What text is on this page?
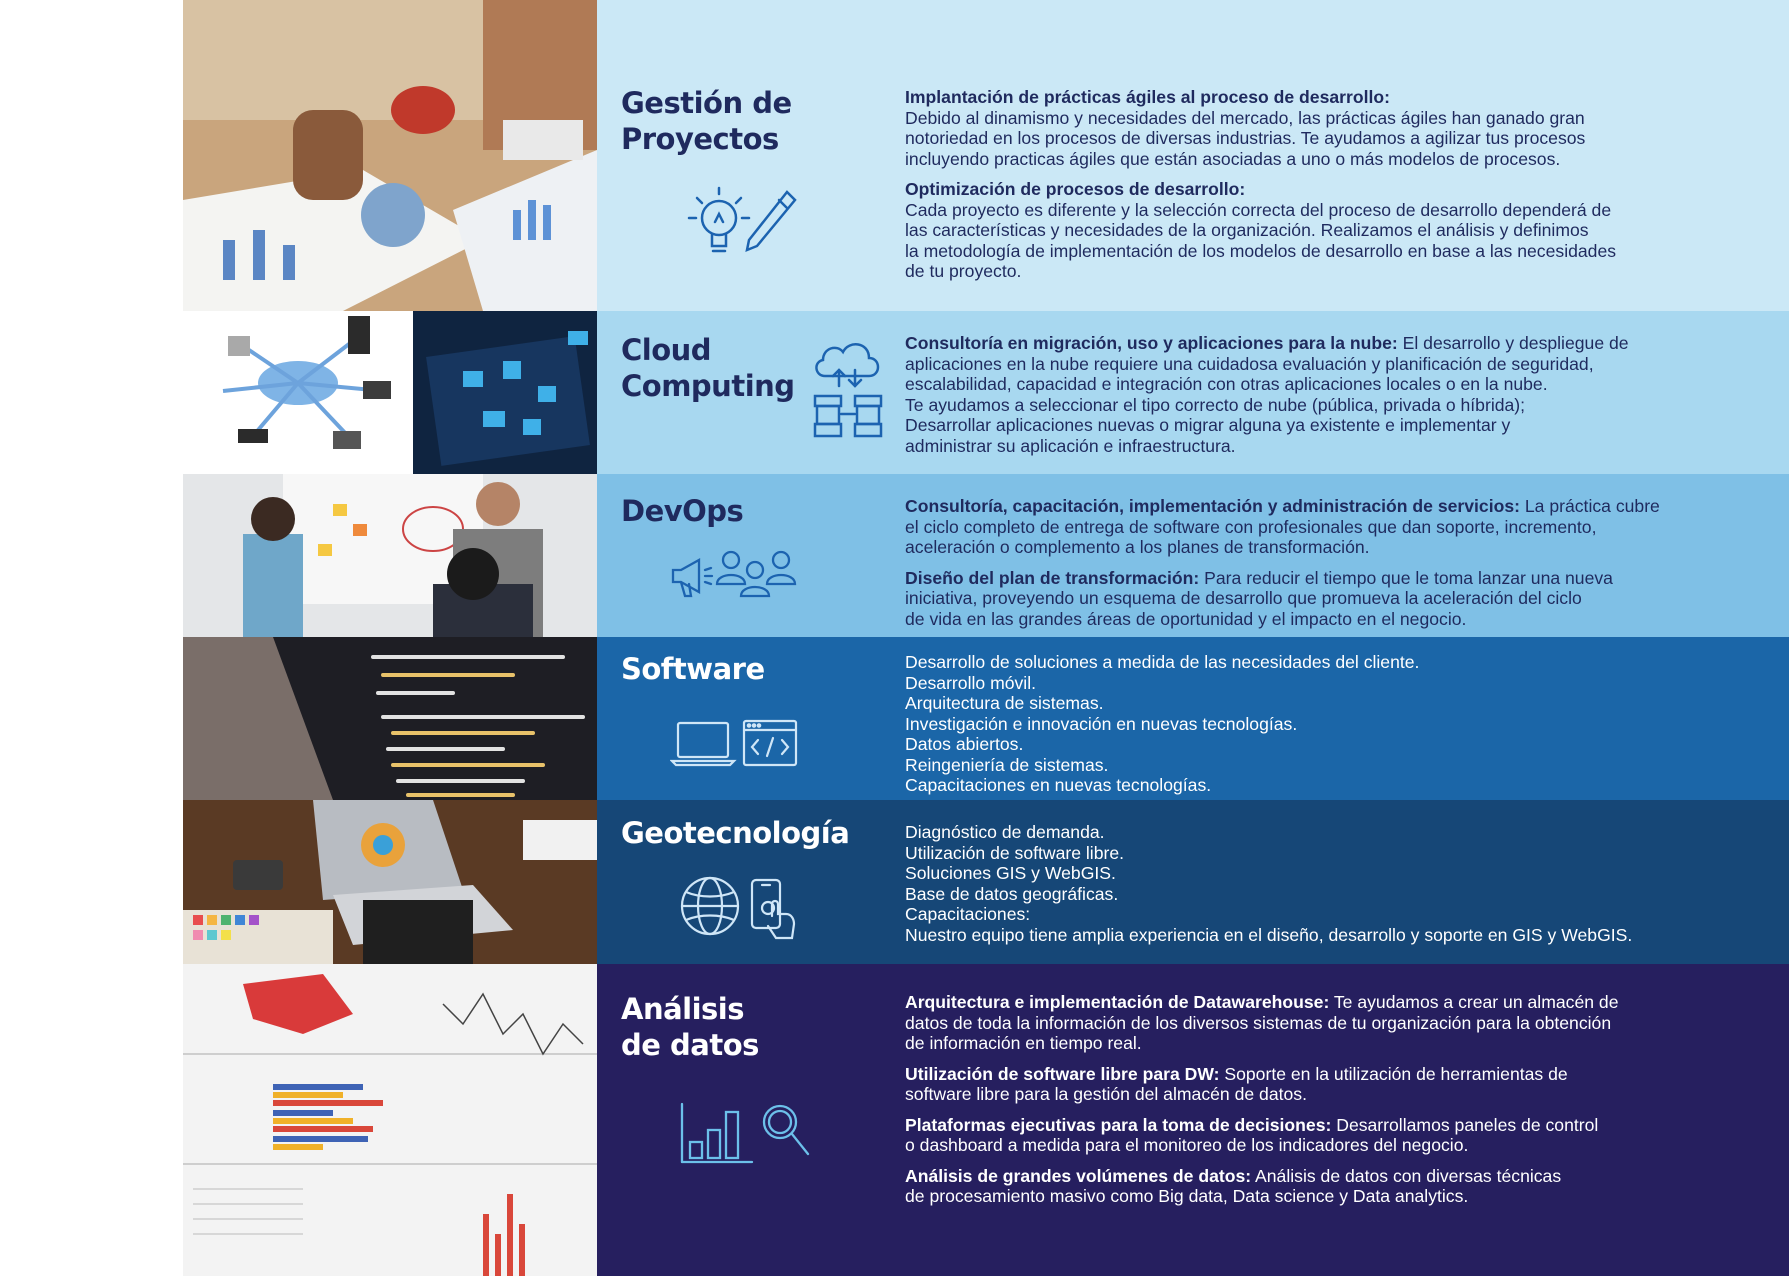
Gestión de
Proyectos

Implantación de prácticas ágiles al proceso de desarrollo:
Debido al dinamismo y necesidades del mercado, las prácticas ágiles han ganado gran
notoriedad en los procesos de diversas industrias. Te ayudamos a agilizar tus procesos
incluyendo practicas ágiles que están asociadas a uno o más modelos de procesos.

Optimización de procesos de desarrollo:
Cada proyecto es diferente y la selección correcta del proceso de desarrollo dependerá de
las características y necesidades de la organización. Realizamos el análisis y definimos
la metodología de implementación de los modelos de desarrollo en base a las necesidades
de tu proyecto.

Cloud
Computing

Consultoría en migración, uso y aplicaciones para la nube: El desarrollo y despliegue de
aplicaciones en la nube requiere una cuidadosa evaluación y planificación de seguridad,
escalabilidad, capacidad e integración con otras aplicaciones locales o en la nube.
Te ayudamos a seleccionar el tipo correcto de nube (pública, privada o híbrida);
Desarrollar aplicaciones nuevas o migrar alguna ya existente e implementar y
administrar su aplicación e infraestructura.

DevOps	Consultoría, capacitación, implementación y administración de servicios: La práctica cubre
el ciclo completo de entrega de software con profesionales que dan soporte, incremento,
aceleración o complemento a los planes de transformación.

Diseño del plan de transformación: Para reducir el tiempo que le toma lanzar una nueva
iniciativa, proveyendo un esquema de desarrollo que promueva la aceleración del ciclo
de vida en las grandes áreas de oportunidad y el impacto en el negocio.

Software	Desarrollo de soluciones a medida de las necesidades del cliente.
Desarrollo móvil.
Arquitectura de sistemas.
Investigación e innovación en nuevas tecnologías.
Datos abiertos.
Reingeniería de sistemas.
Capacitaciones en nuevas tecnologías.
Geotecnología	Diagnóstico de demanda.
Utilización de software libre.
Soluciones GIS y WebGIS.
Base de datos geográficas.
Capacitaciones:
Nuestro equipo tiene amplia experiencia en el diseño, desarrollo y soporte en GIS y WebGIS.
Análisis
de datos

Arquitectura e implementación de Datawarehouse: Te ayudamos a crear un almacén de
datos de toda la información de los diversos sistemas de tu organización para la obtención
de información en tiempo real.

Utilización de software libre para DW: Soporte en la utilización de herramientas de
software libre para la gestión del almacén de datos.

Plataformas ejecutivas para la toma de decisiones: Desarrollamos paneles de control
o dashboard a medida para el monitoreo de los indicadores del negocio.

Análisis de grandes volúmenes de datos: Análisis de datos con diversas técnicas
de procesamiento masivo como Big data, Data science y Data analytics.
